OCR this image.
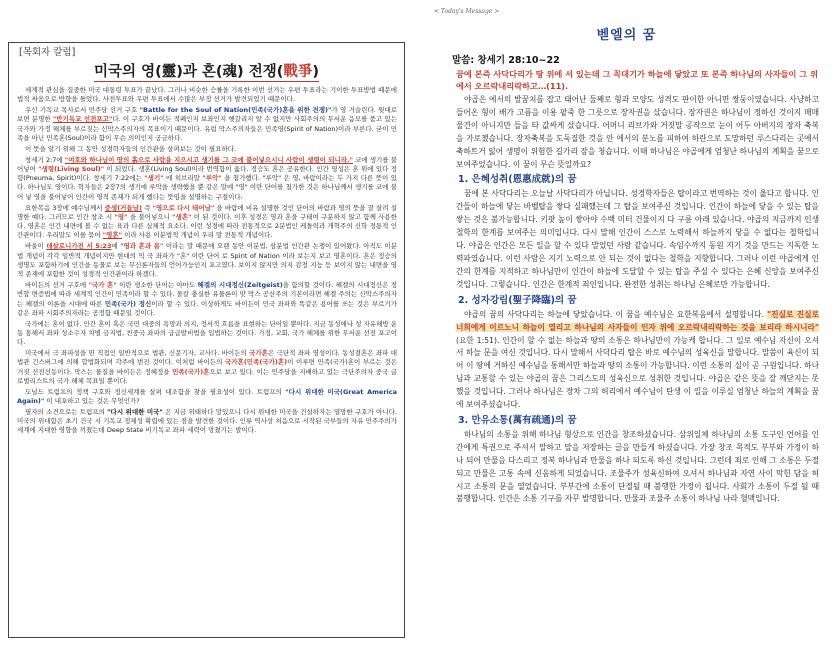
[목회자 칼럼]
미국의 영(靈)과 혼(魂) 전쟁(戰爭)

세계적 관심을 집중한 미국 대통령 투표가 끝났다. 그러나 비슷한 승률을 기록한 이번 선거는 우편 투표라는 기이한 투표방법 때문에 법적 싸움으로 방향을 틀었다. 사전투표와 우편 투표에서 수많은 부정 선거가 발견되었기 때문이다.

우신 기독교 목사로서 민주당 선거 구호 "Battle for the Soul of Nation(민족(국가)혼을 위한 전쟁)"가 영 거슬린다. 뒷대로 보면 분명한 "반기독교 선전포고"다. 이 구호가 바이든 적폐인지 보좌인지 헷갈리지 알 수 없지만 사회주의의 무서운 음모를 품고 있는 국가와 가정 해체를 부르짖는 신막스주의자의 목표이기 때문이다. 유럽 막스주의자들은 민족영(Spirit of Nation)이라 부른다. 굳이 민족을 아닌 민족혼(Soul)이라 함이 무슨 의미인지 궁금하다.

이 뜻을 알기 위해 그 동안 성경학자들의 인간관을 살펴보는 것이 필요하다.

창세기 2:7에 "여호와 하나님이 땅의 흙으로 사람을 지으시고 생기를 그 코에 불어넣으시니 사람이 생령이 되니라." 코에 생기를 불어넣어 "생령(Living Soul)" 이 되었다. 생혼(Living Soul)이라 번역함이 옳다. 정승도 혼은 공유한다. 인간 영성은 혼 위에 있다 정령(Pneuma, Spirit)이다. 창세기 7:22에는 "생기" 에 히브리말 "루악" 을 첨가했다. "루악" 은 영, 바람이라는 두 가지 다른 뜻이 있다. 하나님도 영이다. 학자들은 2장7의 생기에 루악을 생략했을 뿐 같은 말에 "영" 이란 단어를 첨가한 것은 하나님께서 생기를 코에 불어 넣 영을 불어넣어 인간이 영적 존재가 되게 했다는 뜻임을 설명하는 구절이다.

요한복음 3장에 예수님께서 중생(거듭남) 즉 "영으로 다시 태어남" 을 바람에 비유 설명한 것인 단어의 바람과 영의 뜻을 잘 살려 설명한 예다. 그러므로 인간 창조 시 "영" 을 불어넣으니 "생혼" 이 된 것이다. 이후 성경은 영과 혼을 구태여 구분하지 않고 함께 사용한다. 영혼은 인간 내면에 볼 수 없는 육과 다른 실체적 요소다. 이런 성경에 따라 전통적으로 2분법인 케돌릭과 개혁주의 신학 정통적 인간관이다. 우리말도 이를 묶어 "영혼" 이라 사용 이분법적 개념이 우리 말 전통적 개념이다.

바울이 데살로니가전 서 5:23에 "영과 혼과 몸" 이라는 말 때문에 오랜 동안 이분법, 삼분법 인간관 논쟁이 있어왔다. 아직도 이분법 개념이 각각 일반적 개념이지만 현대의 믹 국 좌파가 "혼" 이란 단어 로 Spirit of Nation 이라 보는지 보고 영혼이다. 혼은 정승의 생명도 포함하기에 인간을 동물로 보는 무신론자들의 언어가능인지 포고였다. 보이지 않지만 의지 감정 지능 등 보이지 않는 내면을 영적 존재에 포함한 것이 성경적 인간관이라 하겠다.

바이든의 선거 구호에 "국가 혼" 이란 생소한 단어는 아마도 혜겔의 시대정신(Zeitgeist)을 함의할 것이다. 헤겔의 시대정신은 정반합 변증법에 따라 세계적 인간이 민족이라 할 수 있다. 몰칼 충실한 유물론이 맞 막스 공산주의 기본이라면 헤겔 주의는 신막스주의자는 헤겔의 이론을 시대에 따른 민족(국가) 정신이라 할 수 있다. 이상하게도 바이든이 민국 좌파와 똑같은 용어를 쓰는 것은 부르기가 같은 좌파 시회주의자라는 공정함 때문일 것이다.

국가에는 혼이 없다. 인간 혼이 혹은 국민 대중의 욕망과 의지, 정서적 흐름을 표현하는 단어일 뿐이다. 지금 동성애나 성 자유해방 운동 통해서 좌파 성소수자 차별 금지법, 친중국 좌파의 급급발비법을 입법하는 것이다. 가정, 교회, 국가 해체를 위한 무서운 선전 포고이다.

미국에서 극 좌파성을 띤 직접인 일반적으로 법관, 신문기자, 교사다. 바이든의 국가혼은 극단적 좌파 영성이다. 동성결혼은 좌파 대법관 긴스버그에 의해 합법화되며 각주에 번진 것이다. 이처럼 바이든의 국가혼(민족(국가)혼)이 이루면 민족(국가)혼이 부르는 것은 거짓 선전선동이다. 막스는 물질을 바이든은 정혜정을 민족(국가)혼으로 보고 있다. 이는 민주당을 지배하고 있는 극단주의자 중국 글로벌리스트의 국가 해체 목표일 뿐이다.

도널드 트럼프의 정책 구호와 정신세계를 살펴 대조함을 찾을 필요성이 있다. 트럼프의 "다시 위대한 미국(Great America Again)" 이 내포하고 있는 것은 무엇인가?

필자의 소견으로는 트럼프의 "다시 위대한 미국" 은 지금 위태하다 말있으니 다시 위대한 미국을 건설하자는 열망한 구호가 아니다. 미국의 위대함은 초기 건국 시 기독교 정체성 확립에 있는 점을 발견한 것이다. 인류 역사상 처음으로 시작된 국부들의 자유 민주주의가 세계에 지대한 영향을 끼쳤는데 Deep State 비기독교 좌파 세력이 망쳤기는 발이다.

< Today's Message >
벧엘의 꿈
말씀: 창세기 28:10~22
꿈에 본즉 사닥다리가 땅 위에 서 있는데 그 꼭대기가 하늘에 닿았고 또 본즉 하나님의 사자들이 그 위에서 오르락내리락하고…(11).

야곱은 에서의 발꿈치를 잡고 태어난 둘째로 형과 모양도 성격도 판이한 아니면 쌍둥이였습니다. 사냥하고 들어온 형이 배가 고픔을 이용 팥죽 한 그릇으로 장자권을 샀습니다. 장자권은 하나님이 정하신 것이지 매매 물건이 아니지만 들을 타 값싸게 샀습니다. 어머니 리브가와 거짓말 공작으로 눈이 어두 아버지의 장자 축복을 가로챘습니다. 장자축복을 도둑질한 것을 안 에서의 분노를 피하여 하란으로 도망하던 루스다리는 곳에서 축하트거 잃어 생명이 위험한 길가리 잠을 청습니다. 이때 하나님은 야곱에게 엄청난 하나님의 계획을 꿈으로 보여주었습니다. 이 꿈이 무슨 뜻일까요?

1. 은혜성취(恩惠成就)의 꿈

꿈에 본 사닥다리는 오늘날 사닥다리가 아닙니다. 성경학자들은 탑이라고 번역하는 것이 옳다고 합니다. 인간들이 하늘에 닿는 바벨탑을 쌓다 실패했는데 그 탑을 보여주신 것입니다. 인간이 하늘에 닿을 수 있는 탑을 쌓는 것은 불가능합니다. 키팟 높이 쌓아야 수백 미터 건물이지 다 구름 아래 있습니다. 야곱의 지금까지 인생철학의 한계를 보여주는 의미입니다. 다시 말해 인간이 스스로 노력해서 하늘까지 닿을 수 없다는 철학입니다. 야곱은 인간은 모든 일을 할 수 있다 말었던 사람 같습니다. 속임수까지 동원 지기 것을 만드는 지독한 노력파였습니다. 이런 사람은 지기 노력으로 안 되는 것이 없다는 철학을 지향합니다. 그러나 이런 야곱에게 인간의 한계를 지적하고 하나님만이 인간이 하늘에 도달할 수 있는 탑을 주실 수 있다는 은혜 신앙을 보여주신 것입니다. 그렇습니다. 인간은 한계적 죄인입니다. 완전한 성취는 하나님 은혜로만 가능합니다.

2. 성자강림(聖子降臨)의 꿈

야곱의 꿈의 사닥다리는 하늘에 닿았습니다. 이 꿈을 예수님은 요한복음에서 설명합니다. "진실로 진실로 너희에게 이르노니 하늘이 열리고 하나님의 사자들이 인자 위에 오르락내리락하는 것을 보리라 하시니라" (요한 1:51). 인간이 할 수 없는 하늘과 땅의 소통은 하나님만이 가능케 합니다. 그 일로 예수님 자신이 오셔서 하늘 문을 여신 것입니다. 다시 말해서 사닥다리 탑은 바로 예수님의 성육신을 말합니다. 말씀이 육신이 되어 이 땅에 거하신 예수님을 통해서만 하늘과 땅의 소통이 가능합니다. 이런 소통의 실이 곧 구원입니다. 하나님과 교통할 수 있는 야곱의 꿈은 그리스도의 성육신으로 성취한 것입니다. 야곱은 같은 뜻을 잘 깨닫지는 못했을 것입니다. 그러나 하나님은 장차 그의 허리에서 예수님이 탄생 이 일을 이루실 엄청난 하늘의 계획을 꿈에 보여주셨습니다.

3. 만유소통(萬有疏通)의 꿈

하나님의 소통을 위해 하나님 형상으로 인간을 창조하셨습니다. 삼위일체 하나님의 소통 도구인 언어를 인간에게 특권으로 주셔서 말하고 말을 저장하는 글을 만들게 하셨습니다. 가장 창조 목적도 부부와 가정이 하나 되어 만물을 다스리고 정복 하나님과 만물을 하나 되도록 하신 것입니다. 그런데 죄로 인해 그 소통은 두절되고 만물은 고통 속에 신음하게 되었습니다. 조물주가 성육신하여 오셔서 하나님과 자연 사이 막힌 담을 허시고 소통의 문을 열었습니다. 부부간에 소통이 단절될 때 불행한 가정이 됩니다. 사회가 소통이 두절 될 때 불행합니다. 인간은 소통 기구를 자꾸 발명합니다. 만물과 조물주 소통이 하나님 나라 혈맥입니다.
